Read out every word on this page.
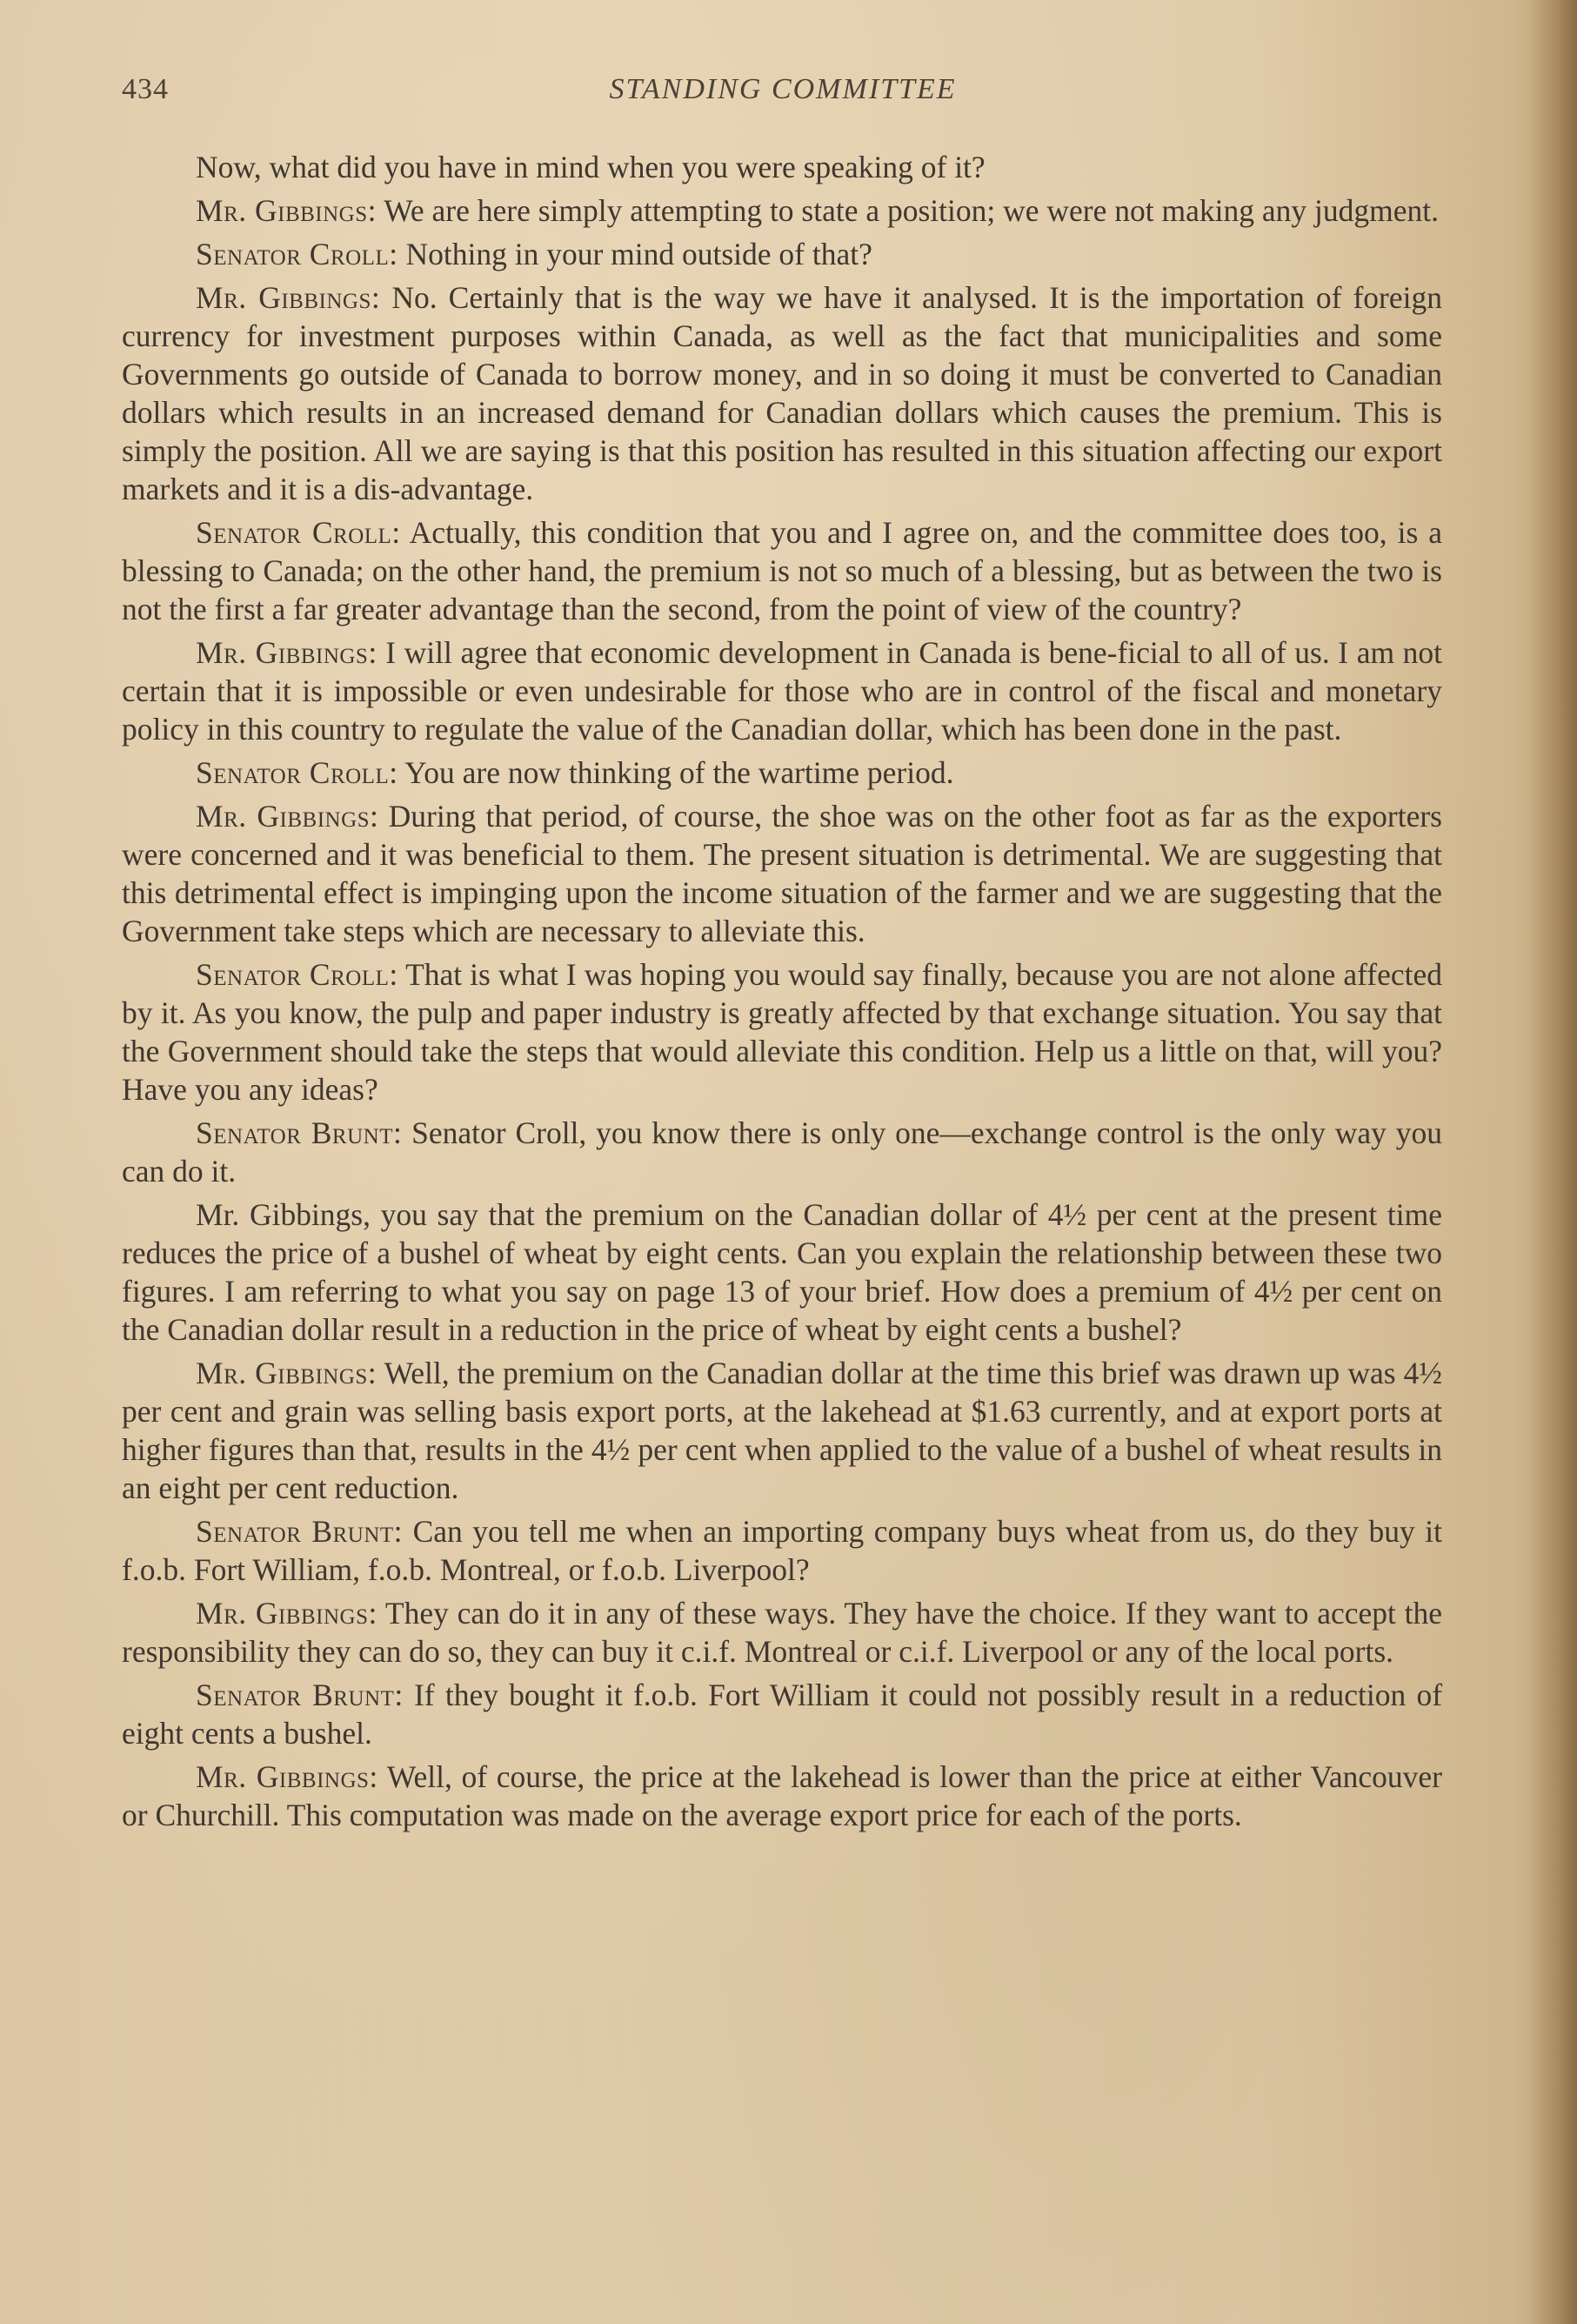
434	STANDING COMMITTEE

Now, what did you have in mind when you were speaking of it?

Mr. Gibbings: We are here simply attempting to state a position; we were not making any judgment.

Senator Croll: Nothing in your mind outside of that?

Mr. Gibbings: No. Certainly that is the way we have it analysed. It is the importation of foreign currency for investment purposes within Canada, as well as the fact that municipalities and some Governments go outside of Canada to borrow money, and in so doing it must be converted to Canadian dollars which results in an increased demand for Canadian dollars which causes the premium. This is simply the position. All we are saying is that this position has resulted in this situation affecting our export markets and it is a dis-advantage.

Senator Croll: Actually, this condition that you and I agree on, and the committee does too, is a blessing to Canada; on the other hand, the premium is not so much of a blessing, but as between the two is not the first a far greater advantage than the second, from the point of view of the country?

Mr. Gibbings: I will agree that economic development in Canada is bene-ficial to all of us. I am not certain that it is impossible or even undesirable for those who are in control of the fiscal and monetary policy in this country to regulate the value of the Canadian dollar, which has been done in the past.

Senator Croll: You are now thinking of the wartime period.

Mr. Gibbings: During that period, of course, the shoe was on the other foot as far as the exporters were concerned and it was beneficial to them. The present situation is detrimental. We are suggesting that this detrimental effect is impinging upon the income situation of the farmer and we are suggesting that the Government take steps which are necessary to alleviate this.

Senator Croll: That is what I was hoping you would say finally, because you are not alone affected by it. As you know, the pulp and paper industry is greatly affected by that exchange situation. You say that the Government should take the steps that would alleviate this condition. Help us a little on that, will you? Have you any ideas?

Senator Brunt: Senator Croll, you know there is only one—exchange control is the only way you can do it.

Mr. Gibbings, you say that the premium on the Canadian dollar of 4½ per cent at the present time reduces the price of a bushel of wheat by eight cents. Can you explain the relationship between these two figures. I am referring to what you say on page 13 of your brief. How does a premium of 4½ per cent on the Canadian dollar result in a reduction in the price of wheat by eight cents a bushel?

Mr. Gibbings: Well, the premium on the Canadian dollar at the time this brief was drawn up was 4½ per cent and grain was selling basis export ports, at the lakehead at $1.63 currently, and at export ports at higher figures than that, results in the 4½ per cent when applied to the value of a bushel of wheat results in an eight per cent reduction.

Senator Brunt: Can you tell me when an importing company buys wheat from us, do they buy it f.o.b. Fort William, f.o.b. Montreal, or f.o.b. Liverpool?

Mr. Gibbings: They can do it in any of these ways. They have the choice. If they want to accept the responsibility they can do so, they can buy it c.i.f. Montreal or c.i.f. Liverpool or any of the local ports.

Senator Brunt: If they bought it f.o.b. Fort William it could not possibly result in a reduction of eight cents a bushel.

Mr. Gibbings: Well, of course, the price at the lakehead is lower than the price at either Vancouver or Churchill. This computation was made on the average export price for each of the ports.
